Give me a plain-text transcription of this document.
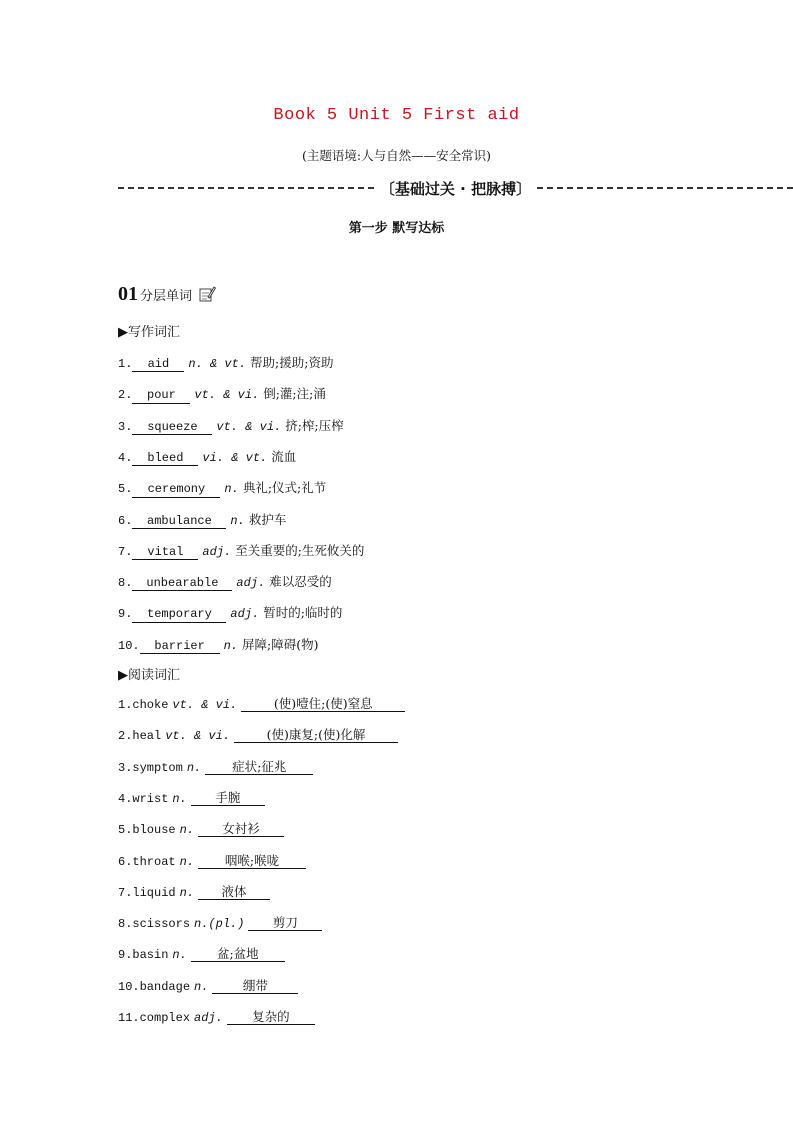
Book 5 Unit 5 First aid
(主题语境:人与自然——安全常识)
〔基础过关 · 把脉搏〕
第一步 默写达标
01 分层单词
▶写作词汇
1. aid n. & vt. 帮助;援助;资助
2. pour vt. & vi. 倒;灌;注;涌
3. squeeze vt. & vi. 挤;榨;压榨
4. bleed vi. & vt. 流血
5. ceremony n. 典礼;仪式;礼节
6. ambulance n. 救护车
7. vital adj. 至关重要的;生死攸关的
8. unbearable adj. 难以忍受的
9. temporary adj. 暂时的;临时的
10. barrier n. 屏障;障碍(物)
▶阅读词汇
1.choke vt. & vi.	(使)噎住;(使)窒息
2.heal vt. & vi.	(使)康复;(使)化解
3.symptom n. 症状;征兆
4.wrist n. 手腕
5.blouse n. 女衬衫
6.throat n. 咽喉;喉咙
7.liquid n. 液体
8.scissors n.(pl.) 剪刀
9.basin n. 盆;盆地
10.bandage n.	绷带
11.complex adj. 复杂的
